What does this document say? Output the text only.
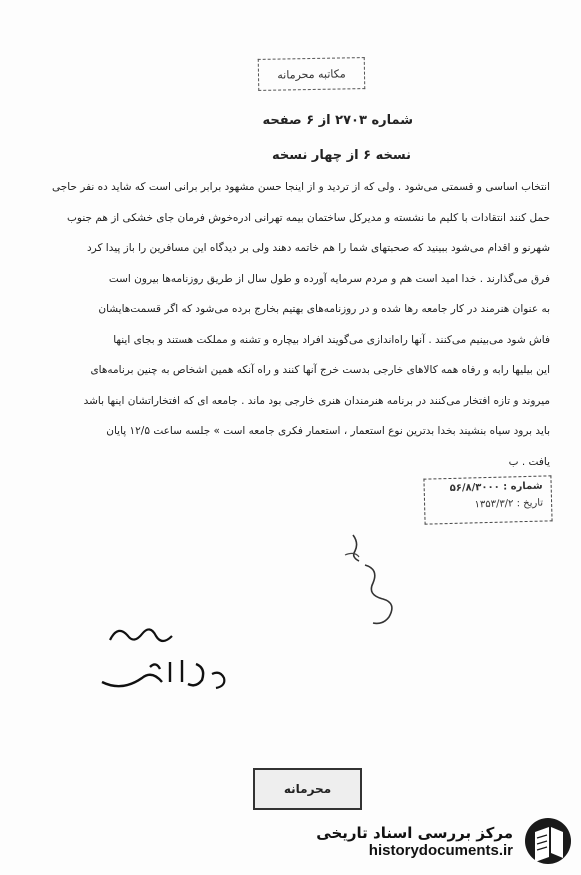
مكاتبه محرمانه
شماره ۲۷۰۳ از ۶ صفحه
نسخه ۶ از چهار نسخه
انتخاب اساسی و قسمتی می‌شود . ولی که از تردید و از اینجا حسن مشهود برابر برانی است که شاید ده نفر حاجی
حمل کنند انتقادات با کلیم ما نشسته و مدیرکل ساختمان بیمه تهرانی ادره‌خوش فرمان جای خشکی از هم جنوب
شهرنو و اقدام می‌شود ببینید که صحبتهای شما را هم خاتمه دهند ولی بر دیدگاه این مسافرین را باز پیدا کرد
فرق می‌گذارند . خدا امید است هم و مردم سرمایه آورده و طول سال از طریق روزنامه‌ها بیرون است
به عنوان هنرمند در کار جامعه رها شده و در روزنامه‌های بهتیم بخارج برده می‌شود که اگر قسمت‌هایشان
فاش شود می‌بینیم می‌کنند . آنها راه‌اندازی می‌گویند افراد بیچاره و تشنه و مملکت هستند و بجای اینها
این بیلیها رابه و رفاه همه کالاهای خارجی بدست خرج آنها کنند و راه آنکه همین اشخاص به چنین برنامه‌های
میروند و تازه افتخار می‌کنند در برنامه هنرمندان هنری خارجی بود ماند . جامعه ای که افتخاراتشان اینها باشد
باید برود سیاه بنشیند بخدا بدترین نوع استعمار ، استعمار فکری جامعه است » جلسه ساعت ۱۲/۵ پایان
یافت . ب
شماره : ۵۶/۸/۳۰۰۰
تاریخ : ۱۳۵۳/۳/۲
محرمانه
مرکز بررسی اسناد تاریخی
historydocuments.ir
